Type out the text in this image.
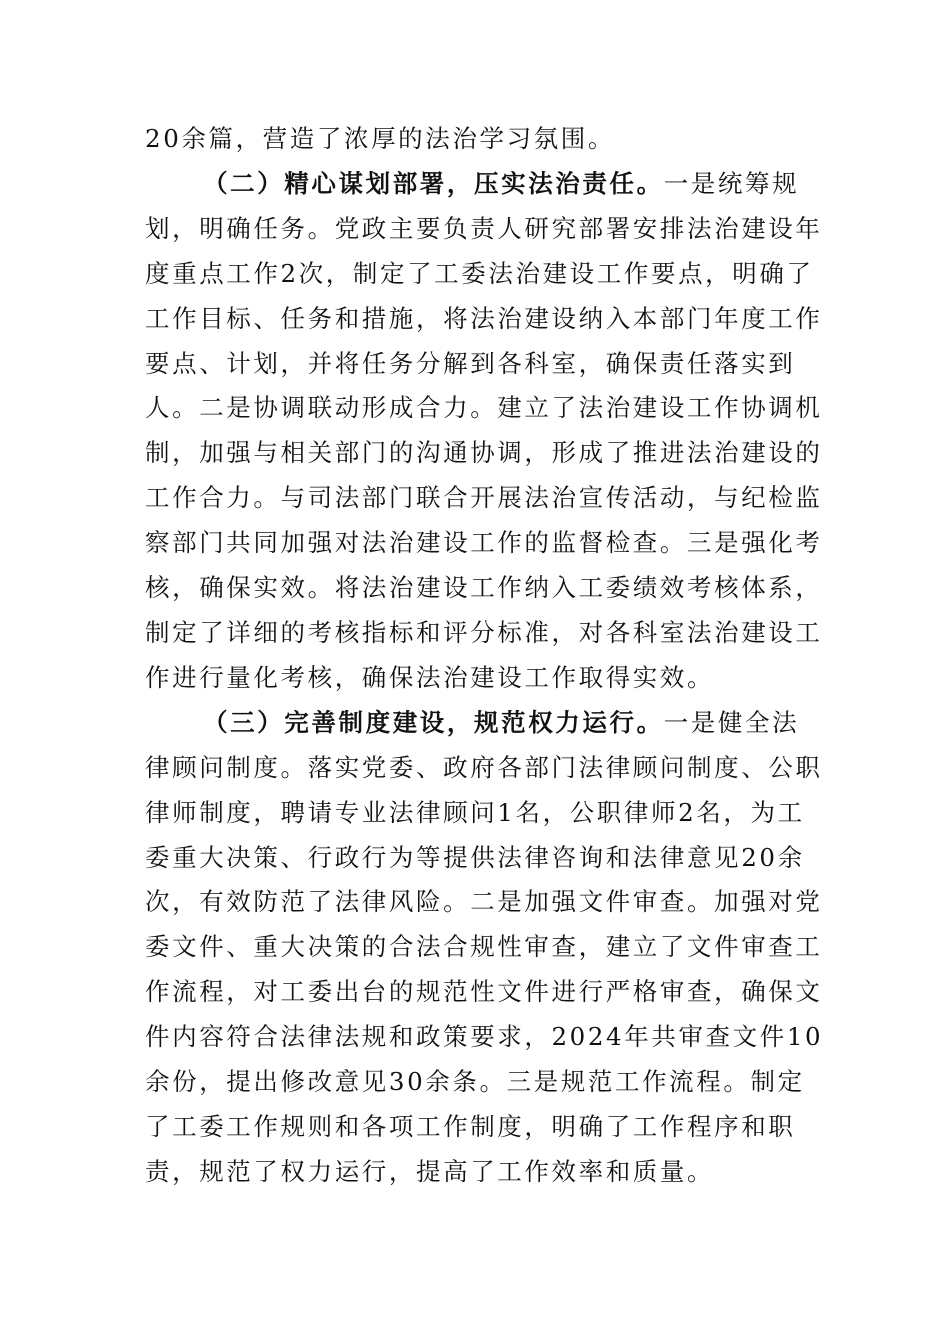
20余篇，营造了浓厚的法治学习氛围。

（二）精心谋划部署，压实法治责任。一是统筹规划，明确任务。党政主要负责人研究部署安排法治建设年度重点工作2次，制定了工委法治建设工作要点，明确了工作目标、任务和措施，将法治建设纳入本部门年度工作要点、计划，并将任务分解到各科室，确保责任落实到人。二是协调联动形成合力。建立了法治建设工作协调机制，加强与相关部门的沟通协调，形成了推进法治建设的工作合力。与司法部门联合开展法治宣传活动，与纪检监察部门共同加强对法治建设工作的监督检查。三是强化考核，确保实效。将法治建设工作纳入工委绩效考核体系，制定了详细的考核指标和评分标准，对各科室法治建设工作进行量化考核，确保法治建设工作取得实效。

（三）完善制度建设，规范权力运行。一是健全法律顾问制度。落实党委、政府各部门法律顾问制度、公职律师制度，聘请专业法律顾问1名，公职律师2名，为工委重大决策、行政行为等提供法律咨询和法律意见20余次，有效防范了法律风险。二是加强文件审查。加强对党委文件、重大决策的合法合规性审查，建立了文件审查工作流程，对工委出台的规范性文件进行严格审查，确保文件内容符合法律法规和政策要求，2024年共审查文件10余份，提出修改意见30余条。三是规范工作流程。制定了工委工作规则和各项工作制度，明确了工作程序和职责，规范了权力运行，提高了工作效率和质量。
